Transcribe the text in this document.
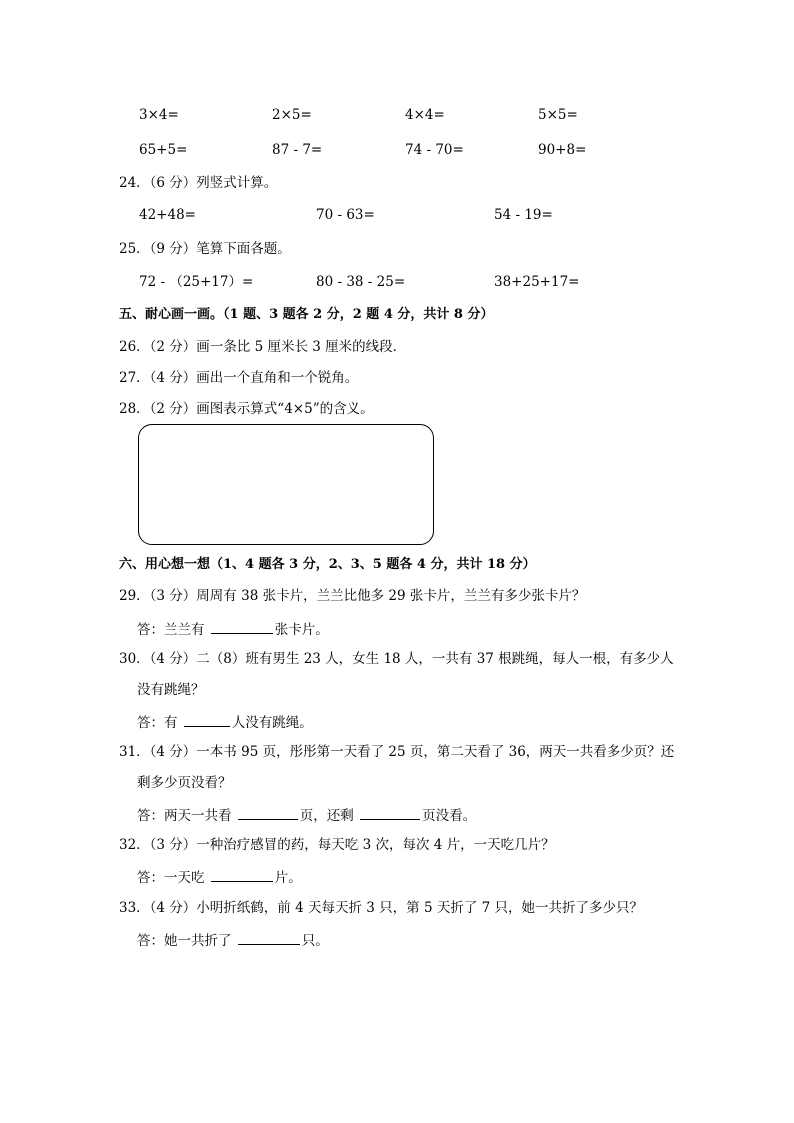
3×4=	2×5=	4×4=	5×5=
65+5=	87 - 7=	74 - 70=	90+8=
24．（6 分）列竖式计算。
42+48=	70 - 63=	54 - 19=
25．（9 分）笔算下面各题。
72 - （25+17）=	80 - 38 - 25=	38+25+17=
五、耐心画一画。（1 题、3 题各 2 分，2 题 4 分，共计 8 分）
26．（2 分）画一条比 5 厘米长 3 厘米的线段．
27．（4 分）画出一个直角和一个锐角。
28．（2 分）画图表示算式“4×5”的含义。
六、用心想一想（1、4 题各 3 分，2、3、5 题各 4 分，共计 18 分）
29．（3 分）周周有 38 张卡片，兰兰比他多 29 张卡片，兰兰有多少张卡片？
答：兰兰有	张卡片。
30．（4 分）二（8）班有男生 23 人，女生 18 人，一共有 37 根跳绳，每人一根，有多少人
没有跳绳？
答：有	人没有跳绳。
31．（4 分）一本书 95 页，彤彤第一天看了 25 页，第二天看了 36，两天一共看多少页？还
剩多少页没看？
答：两天一共看	页，还剩	页没看。
32．（3 分）一种治疗感冒的药，每天吃 3 次，每次 4 片，一天吃几片？
答：一天吃	片。
33．（4 分）小明折纸鹤，前 4 天每天折 3 只，第 5 天折了 7 只，她一共折了多少只？
答：她一共折了	只。
